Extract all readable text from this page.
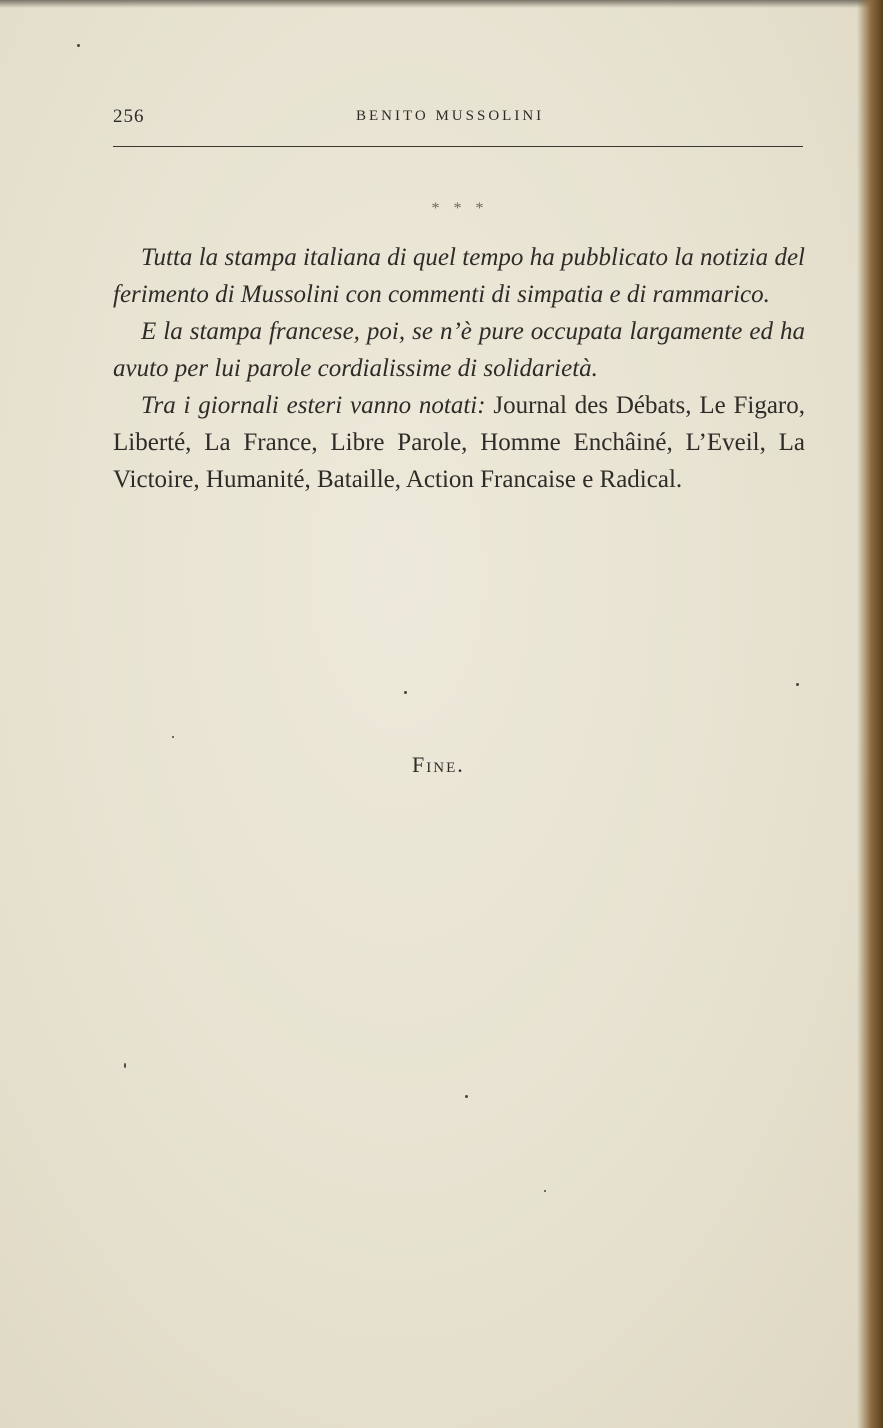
256	BENITO MUSSOLINI
* * *

Tutta la stampa italiana di quel tempo ha pubblicato la notizia del ferimento di Mussolini con commenti di simpatia e di rammarico.

E la stampa francese, poi, se n’è pure occupata largamente ed ha avuto per lui parole cordialissime di solidarietà.

Tra i giornali esteri vanno notati: Journal des Débats, Le Figaro, Liberté, La France, Libre Parole, Homme Enchâiné, L’Eveil, La Victoire, Humanité, Bataille, Action Francaise e Radical.

Fine.
